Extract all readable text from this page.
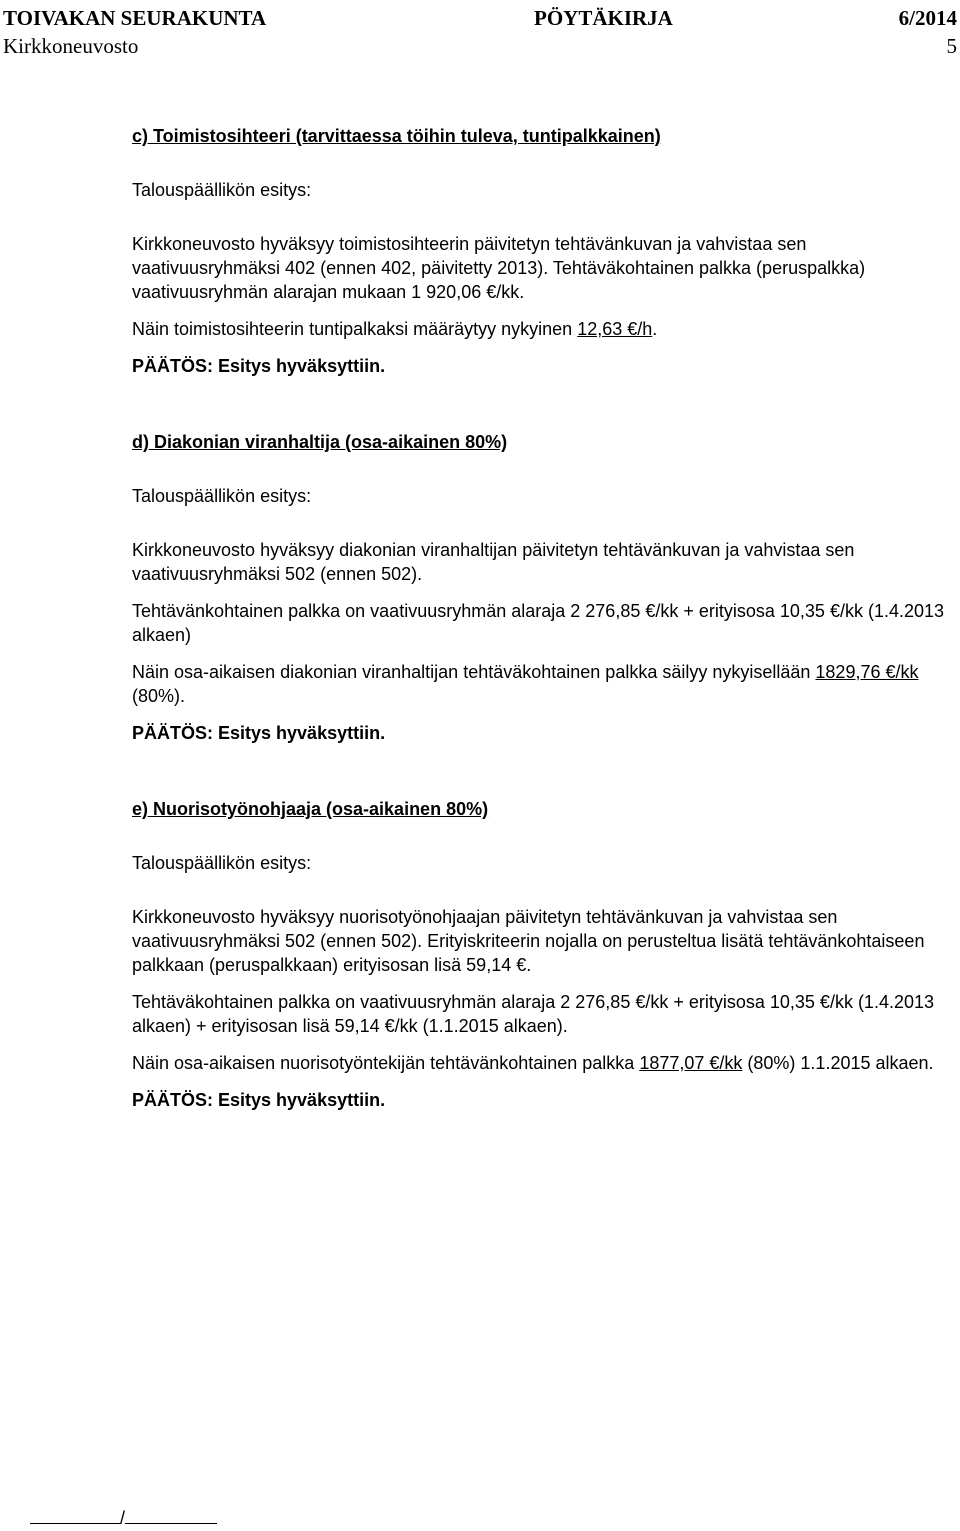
TOIVAKAN SEURAKUNTA	PÖYTÄKIRJA	6/2014
Kirkkoneuvosto	5

c) Toimistosihteeri (tarvittaessa töihin tuleva, tuntipalkkainen)

Talouspäällikön esitys:

Kirkkoneuvosto hyväksyy toimistosihteerin päivitetyn tehtävänkuvan ja vahvistaa sen vaativuusryhmäksi 402 (ennen 402, päivitetty 2013). Tehtäväkohtainen palkka (peruspalkka) vaativuusryhmän alarajan mukaan 1 920,06 €/kk.

Näin toimistosihteerin tuntipalkaksi määräytyy nykyinen 12,63 €/h.

PÄÄTÖS: Esitys hyväksyttiin.

d) Diakonian viranhaltija (osa-aikainen 80%)

Talouspäällikön esitys:

Kirkkoneuvosto hyväksyy diakonian viranhaltijan päivitetyn tehtävänkuvan ja vahvistaa sen vaativuusryhmäksi 502 (ennen 502).

Tehtävänkohtainen palkka on vaativuusryhmän alaraja 2 276,85 €/kk + erityisosa 10,35 €/kk (1.4.2013 alkaen)

Näin osa-aikaisen diakonian viranhaltijan tehtäväkohtainen palkka säilyy nykyisellään 1829,76 €/kk (80%).

PÄÄTÖS: Esitys hyväksyttiin.

e) Nuorisotyönohjaaja (osa-aikainen 80%)

Talouspäällikön esitys:

Kirkkoneuvosto hyväksyy nuorisotyönohjaajan päivitetyn tehtävänkuvan ja vahvistaa sen vaativuusryhmäksi 502 (ennen 502). Erityiskriteerin nojalla on perusteltua lisätä tehtävänkohtaiseen palkkaan (peruspalkkaan) erityisosan lisä 59,14 €.

Tehtäväkohtainen palkka on vaativuusryhmän alaraja 2 276,85 €/kk + erityisosa 10,35 €/kk (1.4.2013 alkaen) + erityisosan lisä 59,14 €/kk (1.1.2015 alkaen).

Näin osa-aikaisen nuorisotyöntekijän tehtävänkohtainen palkka 1877,07 €/kk (80%) 1.1.2015 alkaen.

PÄÄTÖS: Esitys hyväksyttiin.

/
